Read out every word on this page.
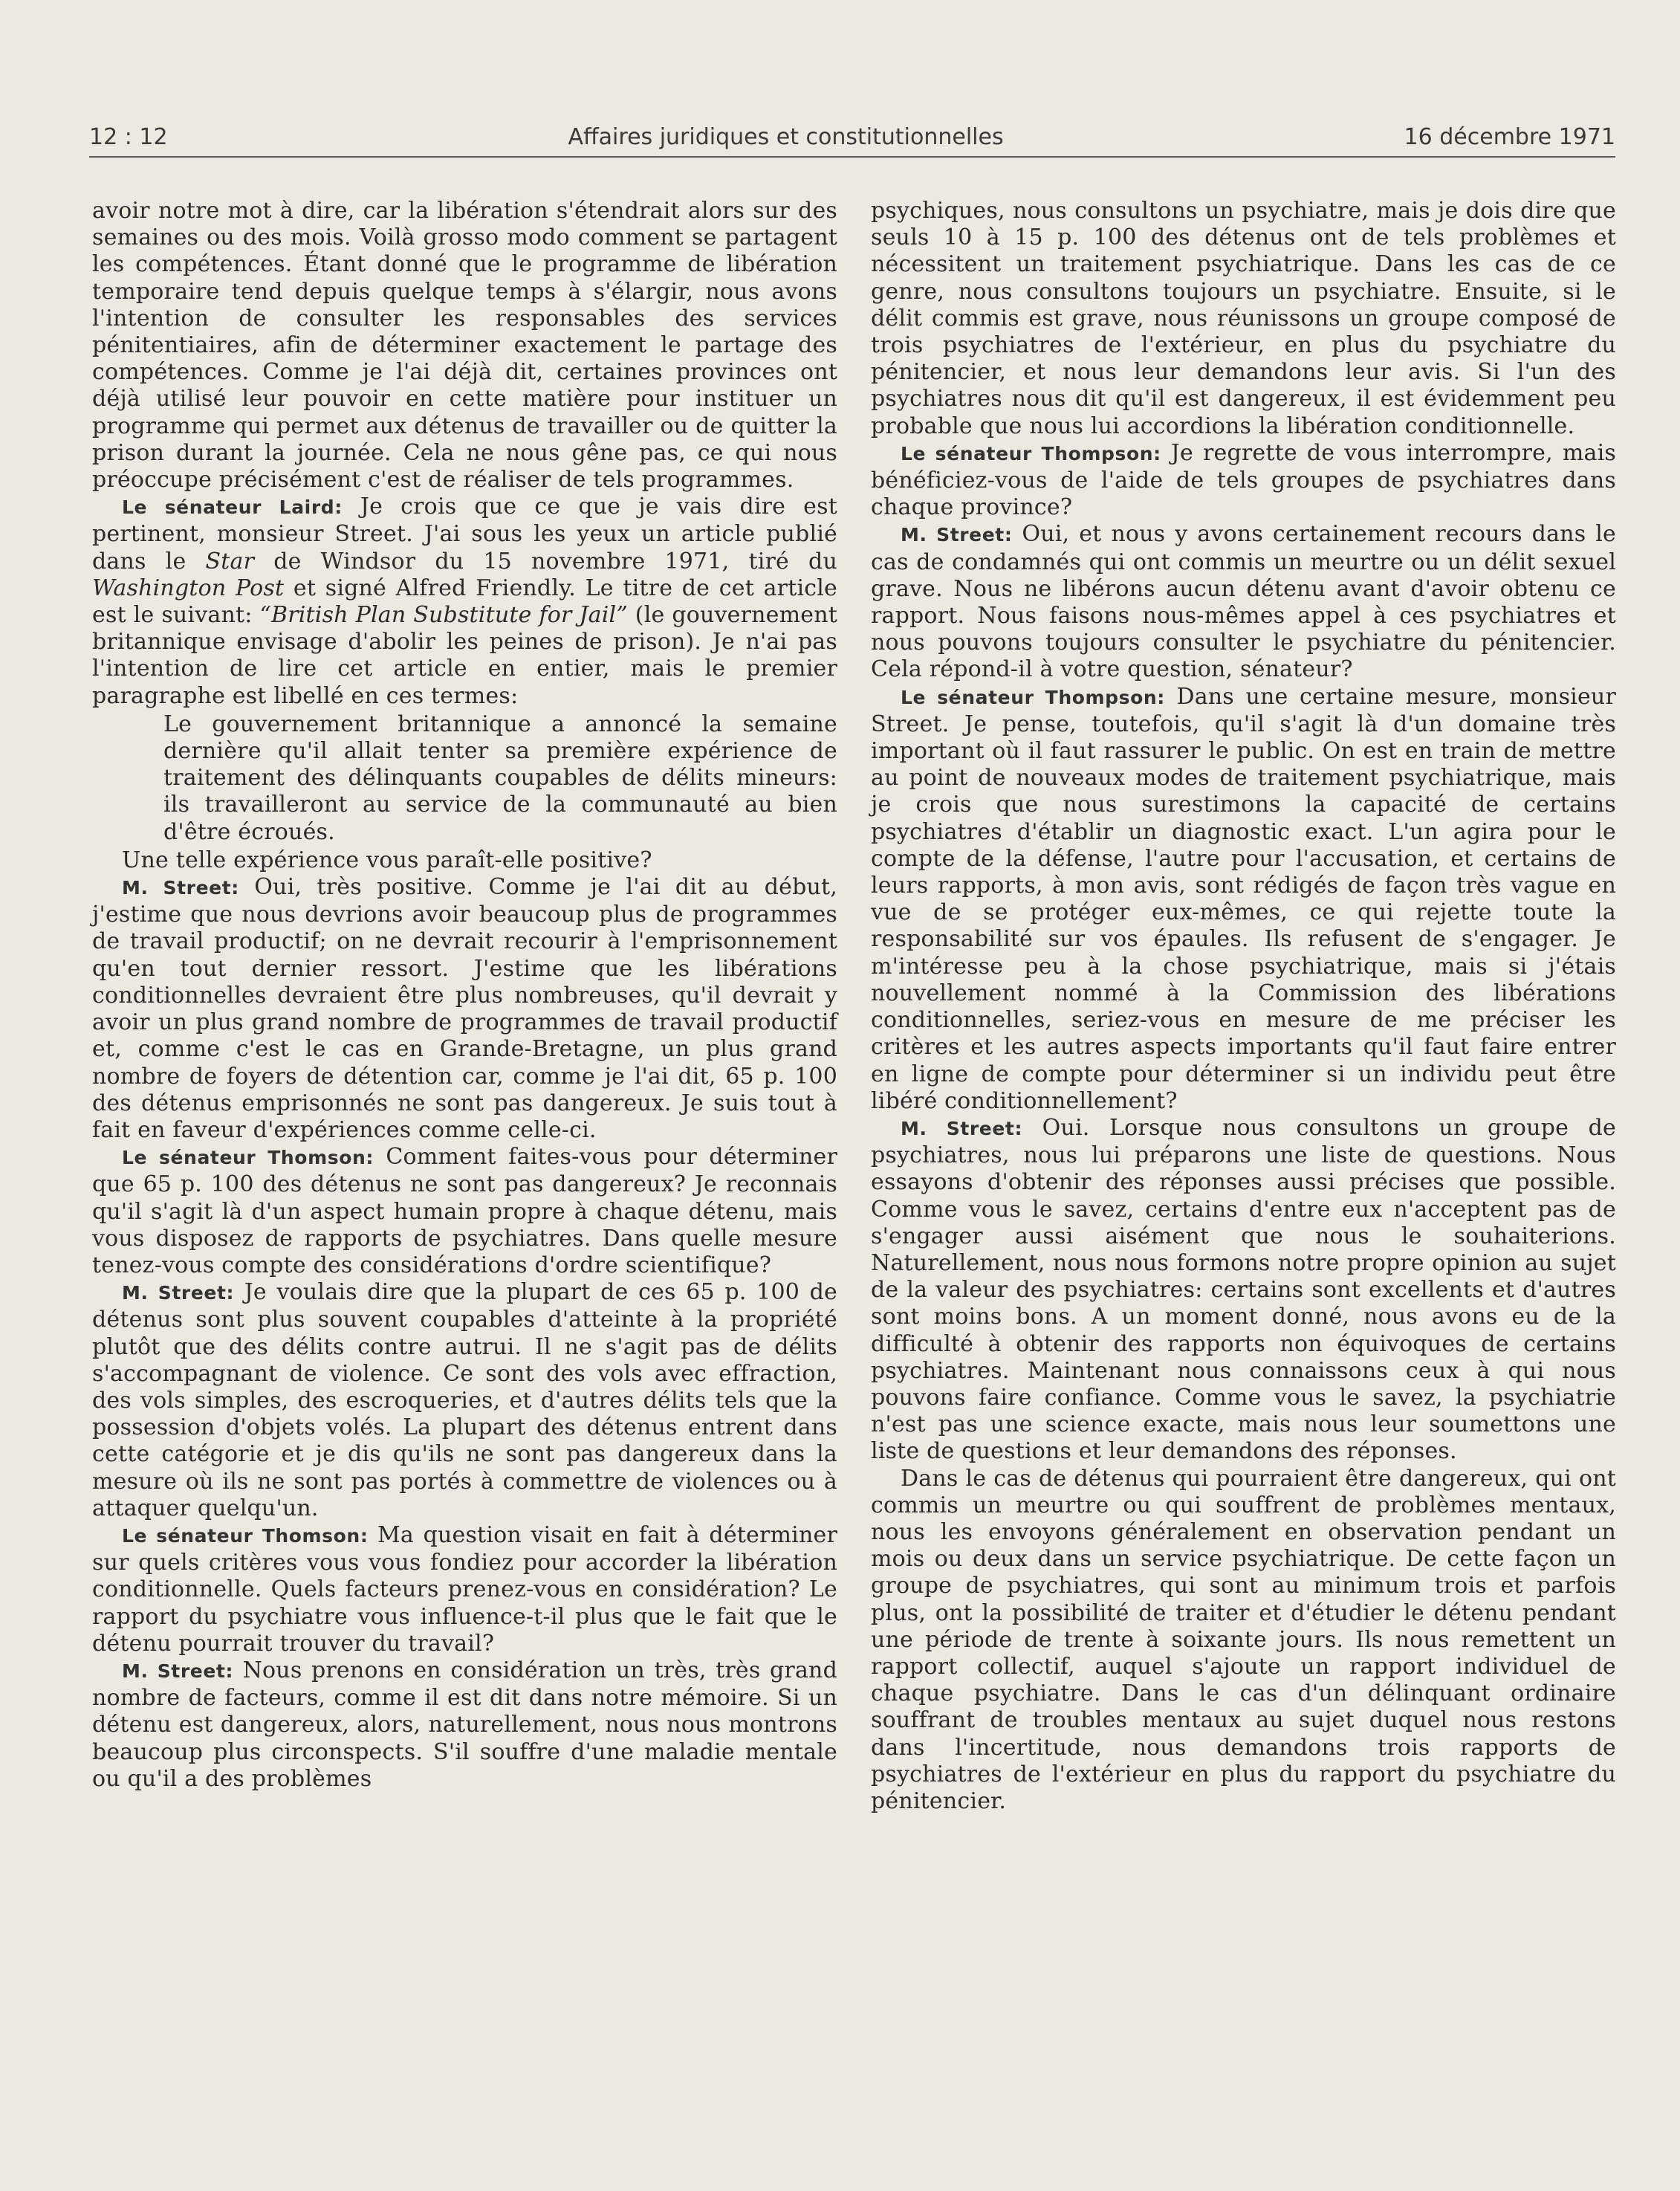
12 : 12	Affaires juridiques et constitutionnelles	16 décembre 1971

avoir notre mot à dire, car la libération s'étendrait alors sur des semaines ou des mois. Voilà grosso modo comment se partagent les compétences. Étant donné que le programme de libération temporaire tend depuis quelque temps à s'élargir, nous avons l'intention de consulter les responsables des services pénitentiaires, afin de déterminer exactement le partage des compétences. Comme je l'ai déjà dit, certaines provinces ont déjà utilisé leur pouvoir en cette matière pour instituer un programme qui permet aux détenus de travailler ou de quitter la prison durant la journée. Cela ne nous gêne pas, ce qui nous préoccupe précisément c'est de réaliser de tels programmes.

Le sénateur Laird: Je crois que ce que je vais dire est pertinent, monsieur Street. J'ai sous les yeux un article publié dans le Star de Windsor du 15 novembre 1971, tiré du Washington Post et signé Alfred Friendly. Le titre de cet article est le suivant: “British Plan Substitute for Jail” (le gouvernement britannique envisage d'abolir les peines de prison). Je n'ai pas l'intention de lire cet article en entier, mais le premier paragraphe est libellé en ces termes:

Le gouvernement britannique a annoncé la semaine dernière qu'il allait tenter sa première expérience de traitement des délinquants coupables de délits mineurs: ils travailleront au service de la communauté au bien d'être écroués.

Une telle expérience vous paraît-elle positive?

M. Street: Oui, très positive. Comme je l'ai dit au début, j'estime que nous devrions avoir beaucoup plus de programmes de travail productif; on ne devrait recourir à l'emprisonnement qu'en tout dernier ressort. J'estime que les libérations conditionnelles devraient être plus nombreuses, qu'il devrait y avoir un plus grand nombre de programmes de travail productif et, comme c'est le cas en Grande-Bretagne, un plus grand nombre de foyers de détention car, comme je l'ai dit, 65 p. 100 des détenus emprisonnés ne sont pas dangereux. Je suis tout à fait en faveur d'expériences comme celle-ci.

Le sénateur Thomson: Comment faites-vous pour déterminer que 65 p. 100 des détenus ne sont pas dangereux? Je reconnais qu'il s'agit là d'un aspect humain propre à chaque détenu, mais vous disposez de rapports de psychiatres. Dans quelle mesure tenez-vous compte des considérations d'ordre scientifique?

M. Street: Je voulais dire que la plupart de ces 65 p. 100 de détenus sont plus souvent coupables d'atteinte à la propriété plutôt que des délits contre autrui. Il ne s'agit pas de délits s'accompagnant de violence. Ce sont des vols avec effraction, des vols simples, des escroqueries, et d'autres délits tels que la possession d'objets volés. La plupart des détenus entrent dans cette catégorie et je dis qu'ils ne sont pas dangereux dans la mesure où ils ne sont pas portés à commettre de violences ou à attaquer quelqu'un.

Le sénateur Thomson: Ma question visait en fait à déterminer sur quels critères vous vous fondiez pour accorder la libération conditionnelle. Quels facteurs prenez-vous en considération? Le rapport du psychiatre vous influence-t-il plus que le fait que le détenu pourrait trouver du travail?

M. Street: Nous prenons en considération un très, très grand nombre de facteurs, comme il est dit dans notre mémoire. Si un détenu est dangereux, alors, naturellement, nous nous montrons beaucoup plus circonspects. S'il souffre d'une maladie mentale ou qu'il a des problèmes

psychiques, nous consultons un psychiatre, mais je dois dire que seuls 10 à 15 p. 100 des détenus ont de tels problèmes et nécessitent un traitement psychiatrique. Dans les cas de ce genre, nous consultons toujours un psychiatre. Ensuite, si le délit commis est grave, nous réunissons un groupe composé de trois psychiatres de l'extérieur, en plus du psychiatre du pénitencier, et nous leur demandons leur avis. Si l'un des psychiatres nous dit qu'il est dangereux, il est évidemment peu probable que nous lui accordions la libération conditionnelle.

Le sénateur Thompson: Je regrette de vous interrompre, mais bénéficiez-vous de l'aide de tels groupes de psychiatres dans chaque province?

M. Street: Oui, et nous y avons certainement recours dans le cas de condamnés qui ont commis un meurtre ou un délit sexuel grave. Nous ne libérons aucun détenu avant d'avoir obtenu ce rapport. Nous faisons nous-mêmes appel à ces psychiatres et nous pouvons toujours consulter le psychiatre du pénitencier. Cela répond-il à votre question, sénateur?

Le sénateur Thompson: Dans une certaine mesure, monsieur Street. Je pense, toutefois, qu'il s'agit là d'un domaine très important où il faut rassurer le public. On est en train de mettre au point de nouveaux modes de traitement psychiatrique, mais je crois que nous surestimons la capacité de certains psychiatres d'établir un diagnostic exact. L'un agira pour le compte de la défense, l'autre pour l'accusation, et certains de leurs rapports, à mon avis, sont rédigés de façon très vague en vue de se protéger eux-mêmes, ce qui rejette toute la responsabilité sur vos épaules. Ils refusent de s'engager. Je m'intéresse peu à la chose psychiatrique, mais si j'étais nouvellement nommé à la Commission des libérations conditionnelles, seriez-vous en mesure de me préciser les critères et les autres aspects importants qu'il faut faire entrer en ligne de compte pour déterminer si un individu peut être libéré conditionnellement?

M. Street: Oui. Lorsque nous consultons un groupe de psychiatres, nous lui préparons une liste de questions. Nous essayons d'obtenir des réponses aussi précises que possible. Comme vous le savez, certains d'entre eux n'acceptent pas de s'engager aussi aisément que nous le souhaiterions. Naturellement, nous nous formons notre propre opinion au sujet de la valeur des psychiatres: certains sont excellents et d'autres sont moins bons. A un moment donné, nous avons eu de la difficulté à obtenir des rapports non équivoques de certains psychiatres. Maintenant nous connaissons ceux à qui nous pouvons faire confiance. Comme vous le savez, la psychiatrie n'est pas une science exacte, mais nous leur soumettons une liste de questions et leur demandons des réponses.

Dans le cas de détenus qui pourraient être dangereux, qui ont commis un meurtre ou qui souffrent de problèmes mentaux, nous les envoyons généralement en observation pendant un mois ou deux dans un service psychiatrique. De cette façon un groupe de psychiatres, qui sont au minimum trois et parfois plus, ont la possibilité de traiter et d'étudier le détenu pendant une période de trente à soixante jours. Ils nous remettent un rapport collectif, auquel s'ajoute un rapport individuel de chaque psychiatre. Dans le cas d'un délinquant ordinaire souffrant de troubles mentaux au sujet duquel nous restons dans l'incertitude, nous demandons trois rapports de psychiatres de l'extérieur en plus du rapport du psychiatre du pénitencier.
